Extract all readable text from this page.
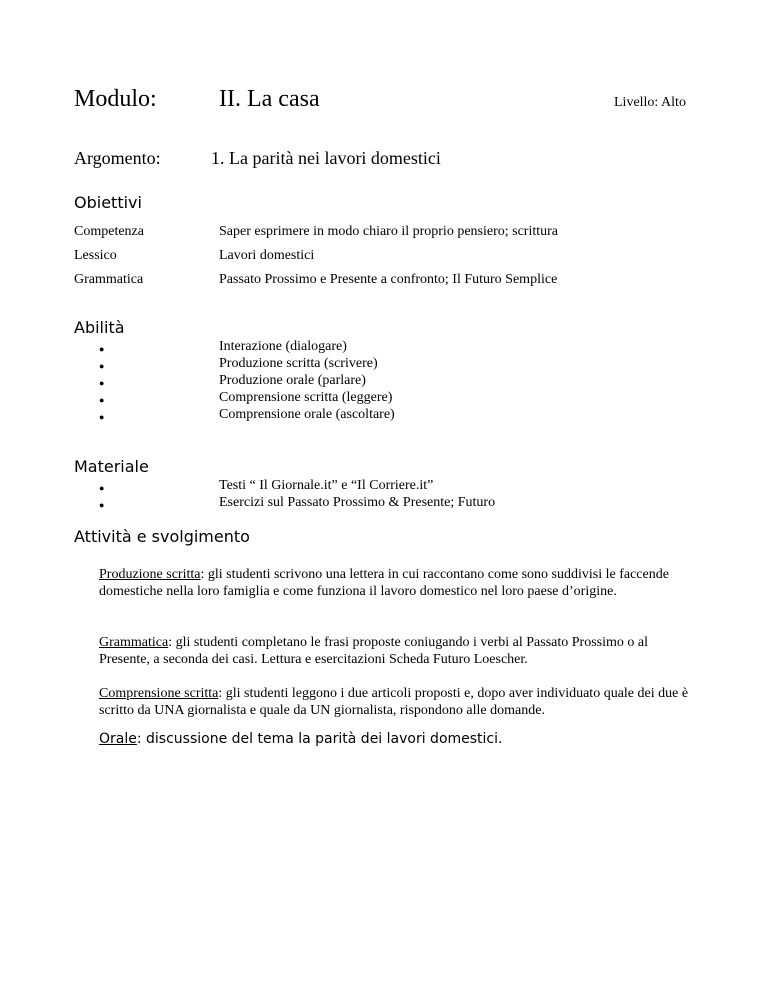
Modulo:	II. La casa	Livello: Alto
Argomento:	1. La parità nei lavori domestici
Obiettivi
Competenza	Saper esprimere in modo chiaro il proprio pensiero; scrittura
Lessico	Lavori domestici
Grammatica	Passato Prossimo e Presente a confronto; Il Futuro Semplice
Abilità
●	Interazione (dialogare)
●	Produzione scritta (scrivere)
●	Produzione orale (parlare)
●	Comprensione scritta (leggere)
●	Comprensione orale (ascoltare)
Materiale
●	Testi “ Il Giornale.it” e “Il Corriere.it”
●	Esercizi sul Passato Prossimo & Presente; Futuro
Attività e svolgimento
Produzione scritta: gli studenti scrivono una lettera in cui raccontano come sono suddivisi le faccende domestiche nella loro famiglia e come funziona il lavoro domestico nel loro paese d’origine.
Grammatica: gli studenti completano le frasi proposte coniugando i verbi al Passato Prossimo o al Presente, a seconda dei casi. Lettura e esercitazioni Scheda Futuro Loescher.
Comprensione scritta: gli studenti leggono i due articoli proposti e, dopo aver individuato quale dei due è scritto da UNA giornalista e quale da UN giornalista, rispondono alle domande.
Orale: discussione del tema la parità dei lavori domestici.
